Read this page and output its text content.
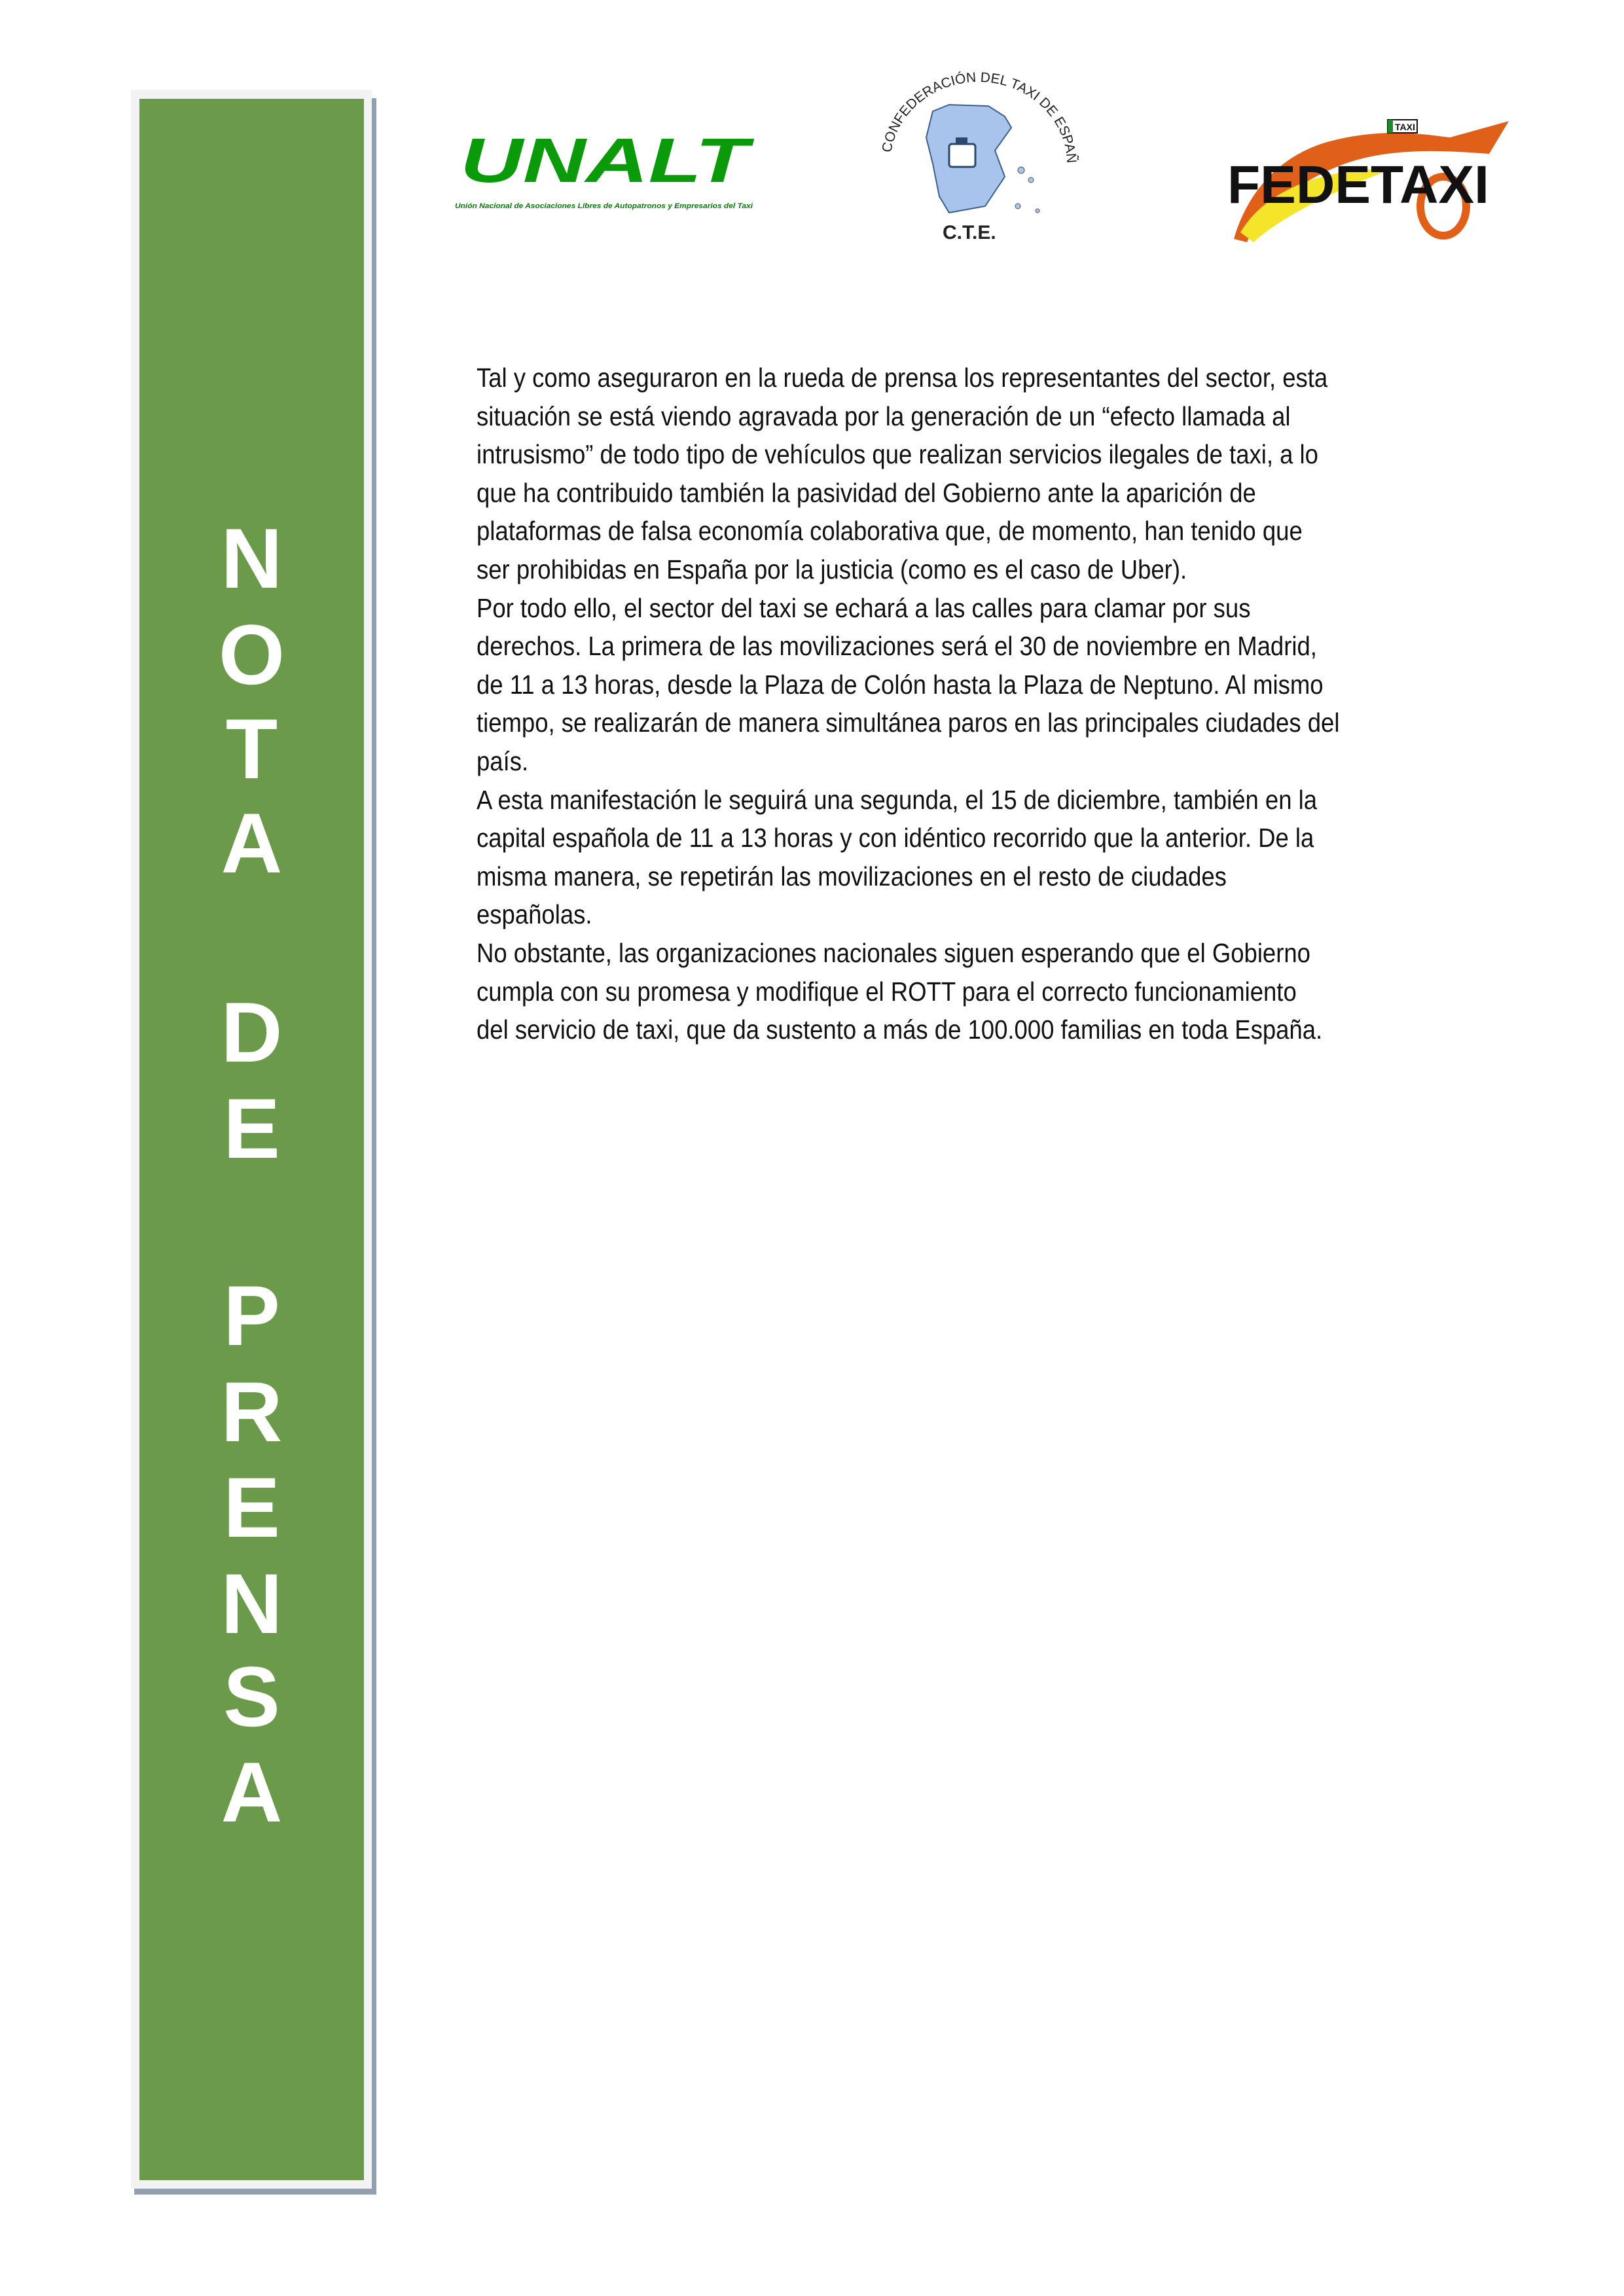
N
O
T
A
D
E
P
R
E
N
S
A
UNALT
Unión Nacional de Asociaciones Libres de Autopatronos y Empresarios del Taxi
CONFEDERACIÓN DEL TAXI DE ESPAÑ
C.T.E.
TAXI
FEDETAXI
Tal y como aseguraron en la rueda de prensa los representantes del sector, esta
situación se está viendo agravada por la generación de un “efecto llamada al
intrusismo” de todo tipo de vehículos que realizan servicios ilegales de taxi, a lo
que ha contribuido también la pasividad del Gobierno ante la aparición de
plataformas de falsa economía colaborativa que, de momento, han tenido que
ser prohibidas en España por la justicia (como es el caso de Uber).
Por todo ello, el sector del taxi se echará a las calles para clamar por sus
derechos. La primera de las movilizaciones será el 30 de noviembre en Madrid,
de 11 a 13 horas, desde la Plaza de Colón hasta la Plaza de Neptuno. Al mismo
tiempo, se realizarán de manera simultánea paros en las principales ciudades del
país.
A esta manifestación le seguirá una segunda, el 15 de diciembre, también en la
capital española de 11 a 13 horas y con idéntico recorrido que la anterior. De la
misma manera, se repetirán las movilizaciones en el resto de ciudades
españolas.
No obstante, las organizaciones nacionales siguen esperando que el Gobierno
cumpla con su promesa y modifique el ROTT para el correcto funcionamiento
del servicio de taxi, que da sustento a más de 100.000 familias en toda España.
